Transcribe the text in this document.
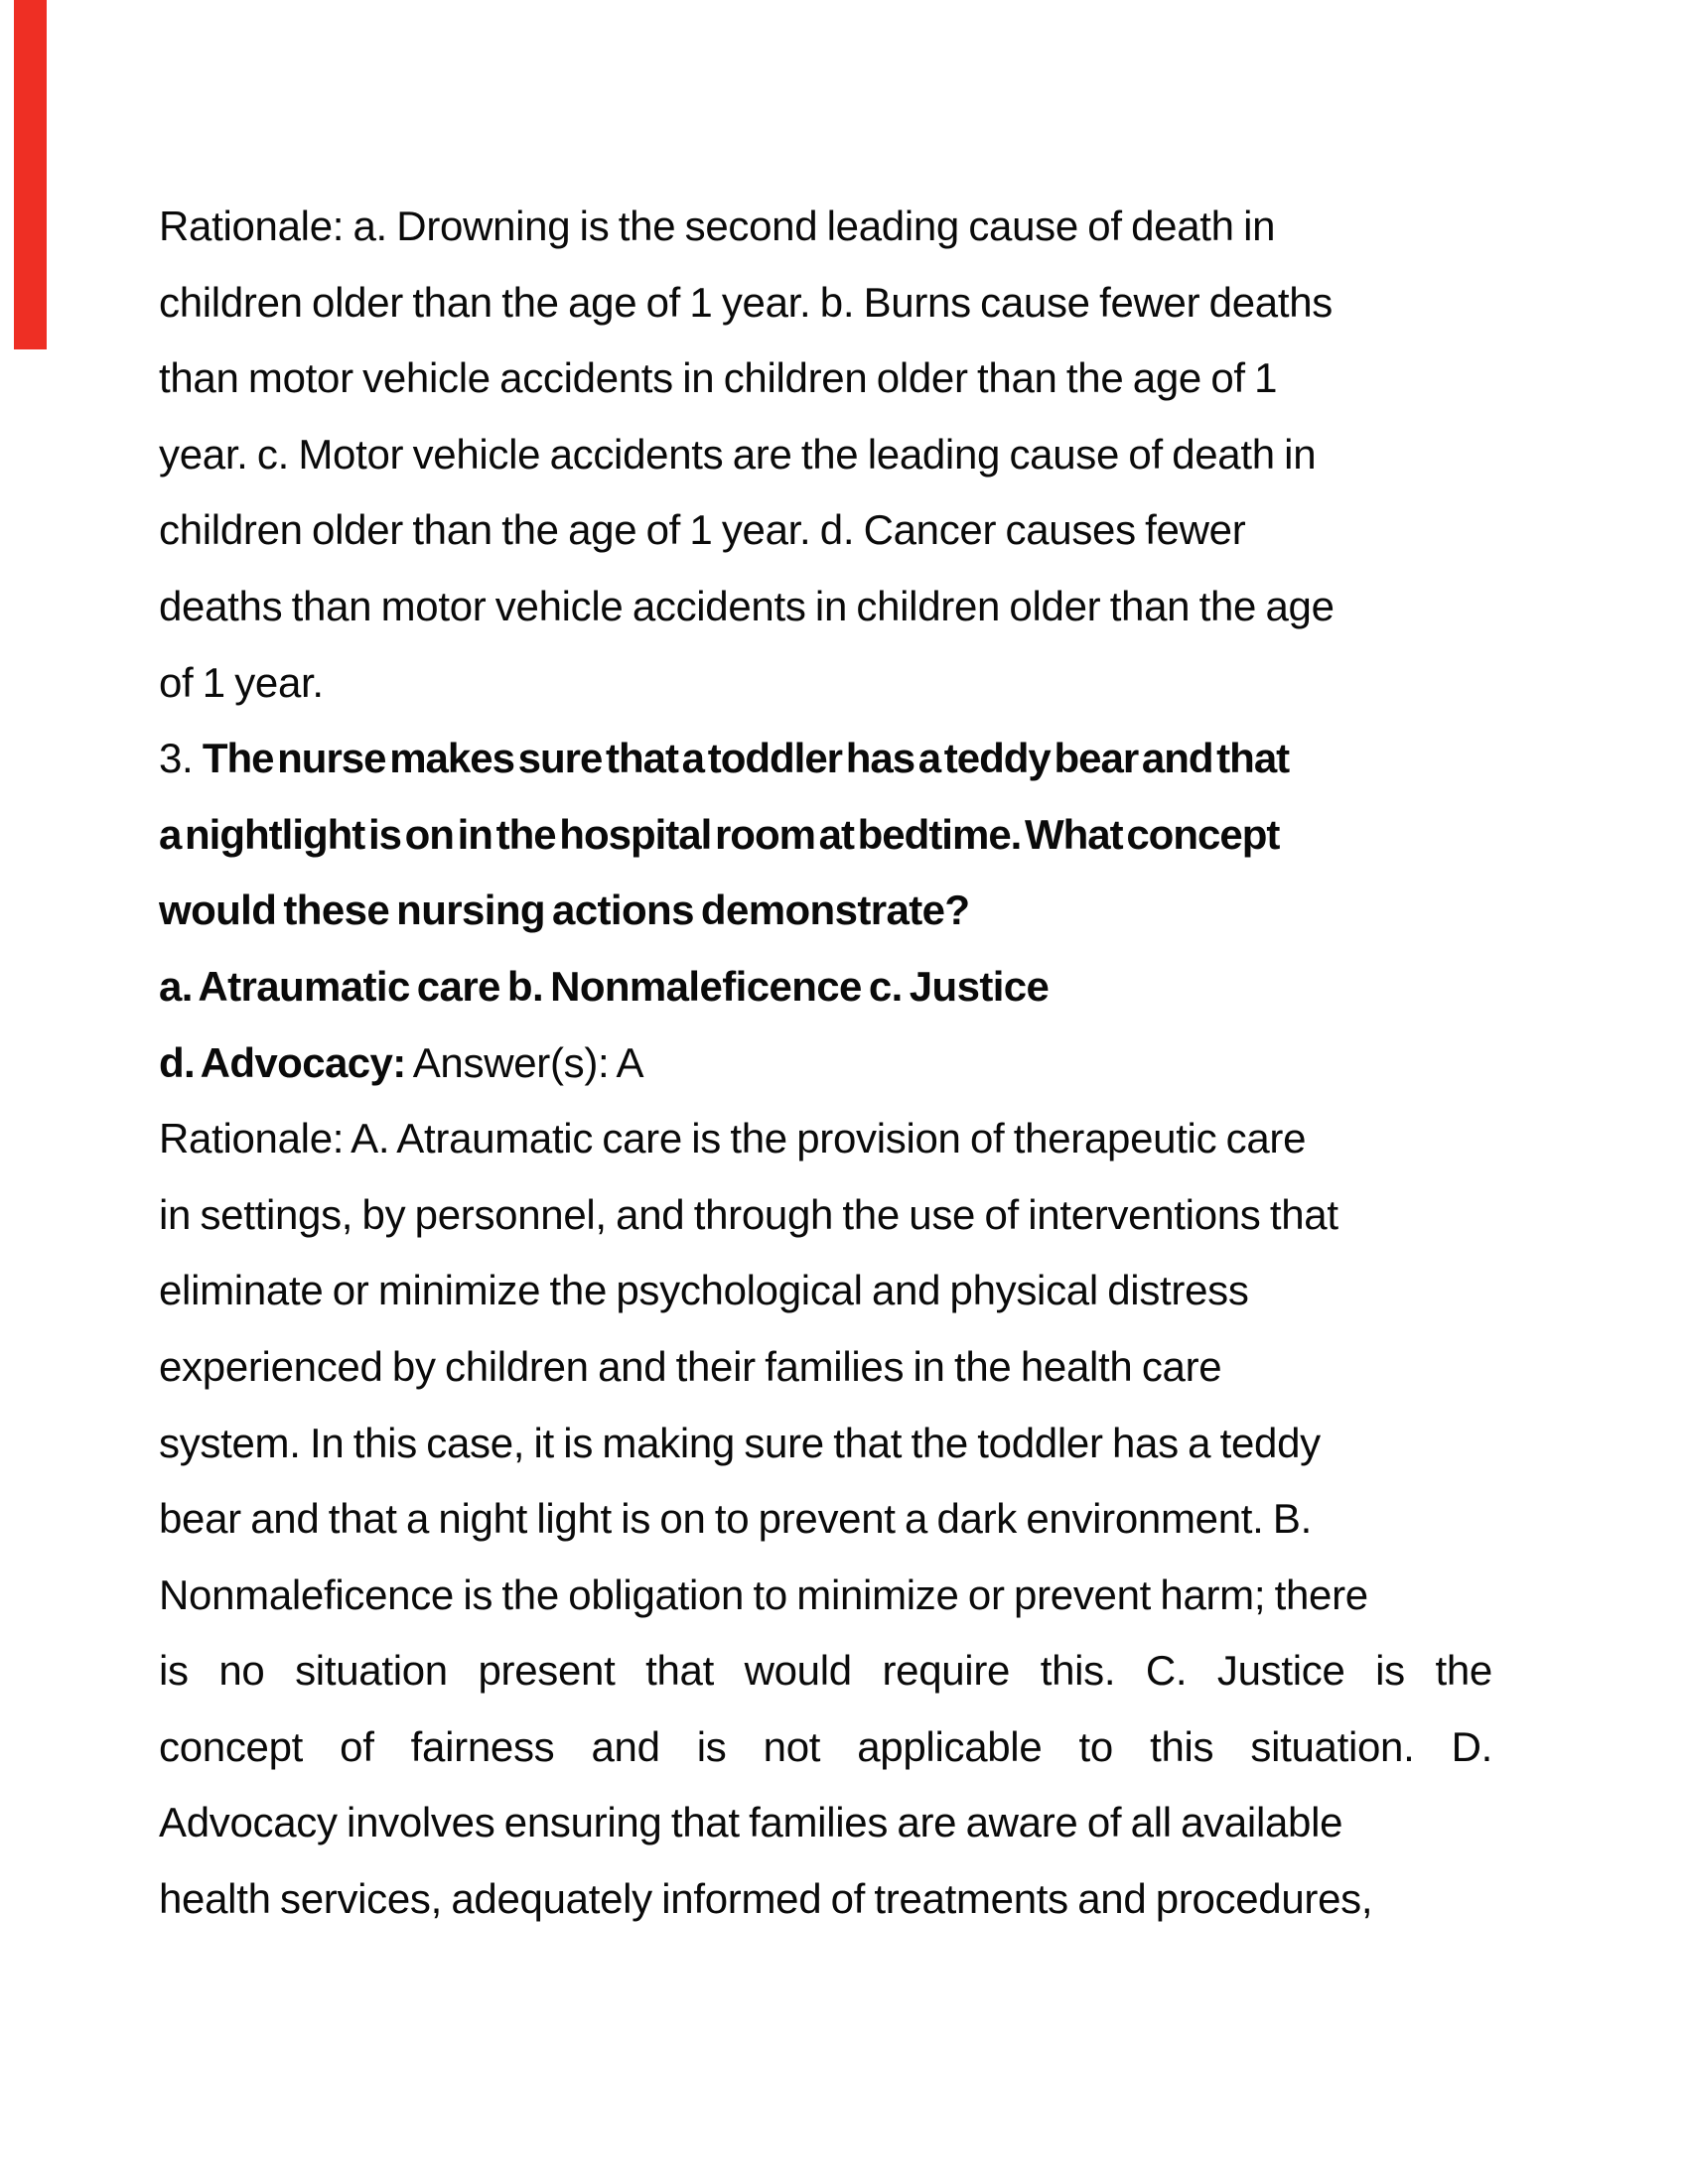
Rationale: a. Drowning is the second leading cause of death in
children older than the age of 1 year. b. Burns cause fewer deaths
than motor vehicle accidents in children older than the age of 1
year. c. Motor vehicle accidents are the leading cause of death in
children older than the age of 1 year. d. Cancer causes fewer
deaths than motor vehicle accidents in children older than the age
of 1 year.
3. The nurse makes sure that a toddler has a teddy bear and that
a nightlight is on in the hospital room at bedtime. What concept
would these nursing actions demonstrate?
a. Atraumatic care b. Nonmaleficence c. Justice
d. Advocacy: Answer(s): A
Rationale: A. Atraumatic care is the provision of therapeutic care
in settings, by personnel, and through the use of interventions that
eliminate or minimize the psychological and physical distress
experienced by children and their families in the health care
system. In this case, it is making sure that the toddler has a teddy
bear and that a night light is on to prevent a dark environment. B.
Nonmaleficence is the obligation to minimize or prevent harm; there
is no situation present that would require this. C. Justice is the
concept of fairness and is not applicable to this situation. D.
Advocacy involves ensuring that families are aware of all available
health services, adequately informed of treatments and procedures,
